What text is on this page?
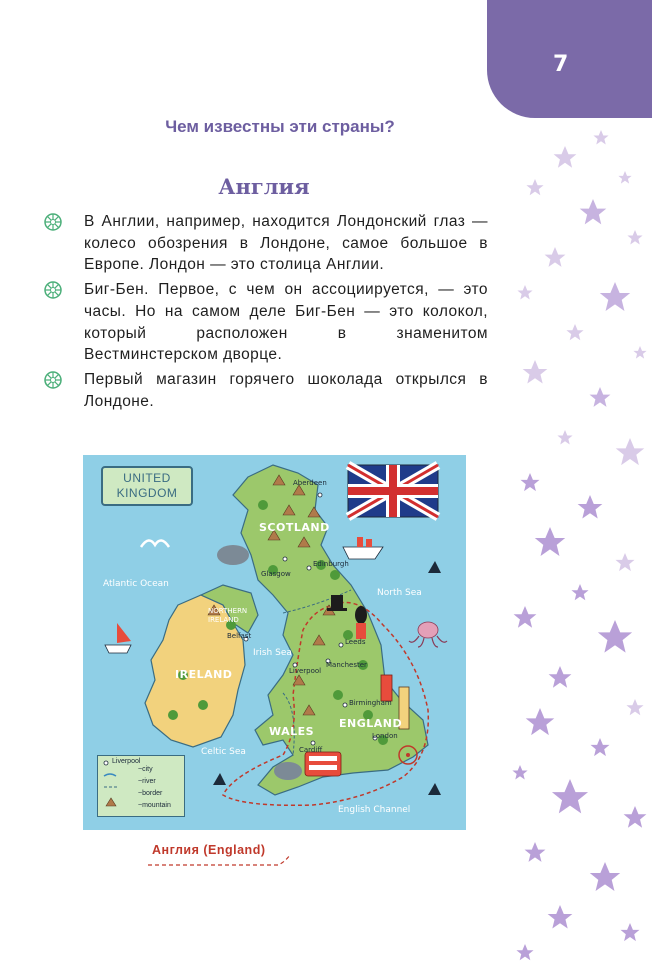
7
Чем известны эти страны?
Англия
В Англии, например, находится Лондонский глаз — колесо обозрения в Лондоне, самое большое в Европе. Лондон — это столица Англии.
Биг-Бен. Первое, с чем он ассоциируется, — это часы. Но на самом деле Биг-Бен — это колокол, который расположен в знаменитом Вестминстерском дворце.
Первый магазин горячего шоколада открылся в Лондоне.
UNITED KINGDOM
Atlantic Ocean
North Sea
Irish Sea
Celtic Sea
English Channel
SCOTLAND
NORTHERN IRELAND
IRELAND
WALES
ENGLAND
Aberdeen
Edinburgh
Glasgow
Belfast
Leeds
Manchester
Liverpool
Birmingham
Cardiff
London
Liverpool
~city
~river
~border
~mountain
Англия (England)
